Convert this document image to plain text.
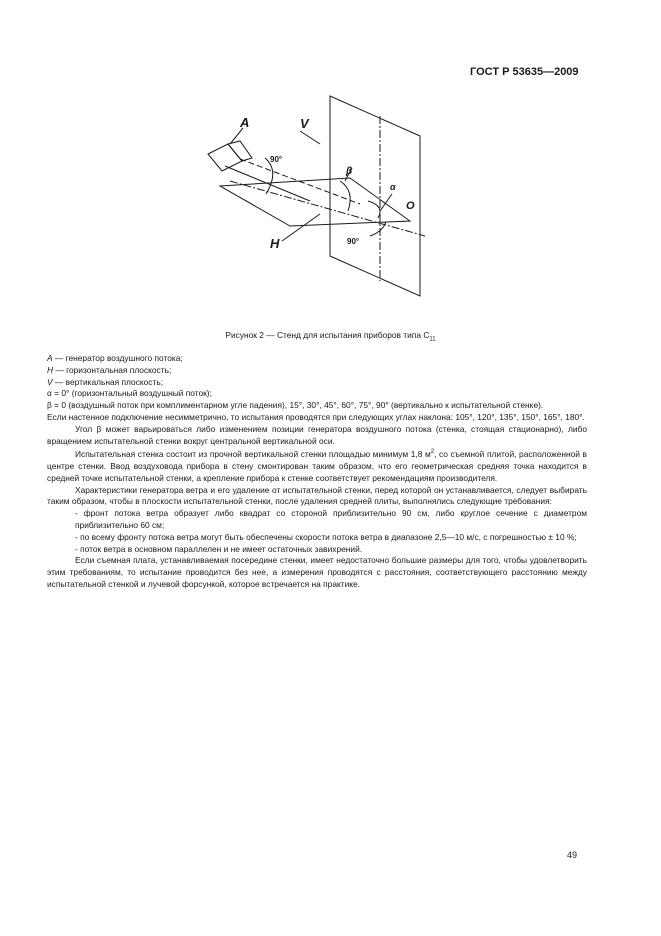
ГОСТ Р 53635—2009
A	V
H
β
α
O
90°
90°
Рисунок 2 — Стенд для испытания приборов типа $C_{11}$

A — генератор воздушного потока;

H — горизонтальная плоскость;

V — вертикальная плоскость;

α = 0° (горизонтальный воздушный поток);

β = 0 (воздушный поток при комплиментарном угле падения), 15°, 30°, 45°, 60°, 75°, 90° (вертикально к испытательной стенке).

Если настенное подключение несимметрично, то испытания проводятся при следующих углах наклона: 105°, 120°, 135°, 150°, 165°, 180°.

Угол β может варьироваться либо изменением позиции генератора воздушного потока (стенка, стоящая стационарно), либо вращением испытательной стенки вокруг центральной вертикальной оси.

Испытательная стенка состоит из прочной вертикальной стенки площадью минимум 1,8 $м^2$, со съемной плитой, расположенной в центре стенки. Ввод воздуховода прибора в стену смонтирован таким образом, что его геометрическая средняя точка находится в средней точке испытательной стенки, а крепление прибора к стенке соответствует рекомендациям производителя.

Характеристики генератора ветра и его удаление от испытательной стенки, перед которой он устанавливается, следует выбирать таким образом, чтобы в плоскости испытательной стенки, после удаления средней плиты, выполнялись следующие требования:

- фронт потока ветра образует либо квадрат со стороной приблизительно 90 см, либо круглое сечение с диаметром приблизительно 60 см;

- по всему фронту потока ветра могут быть обеспечены скорости потока ветра в диапазоне 2,5—10 м/с, с погрешностью ± 10 %;

- поток ветра в основном параллелен и не имеет остаточных завихрений.

Если съемная плата, устанавливаемая посередине стенки, имеет недостаточно большие размеры для того, чтобы удовлетворить этим требованиям, то испытание проводится без нее, а измерения проводятся с расстояния, соответствующего расстоянию между испытательной стенкой и лучевой форсункой, которое встречается на практике.

49
